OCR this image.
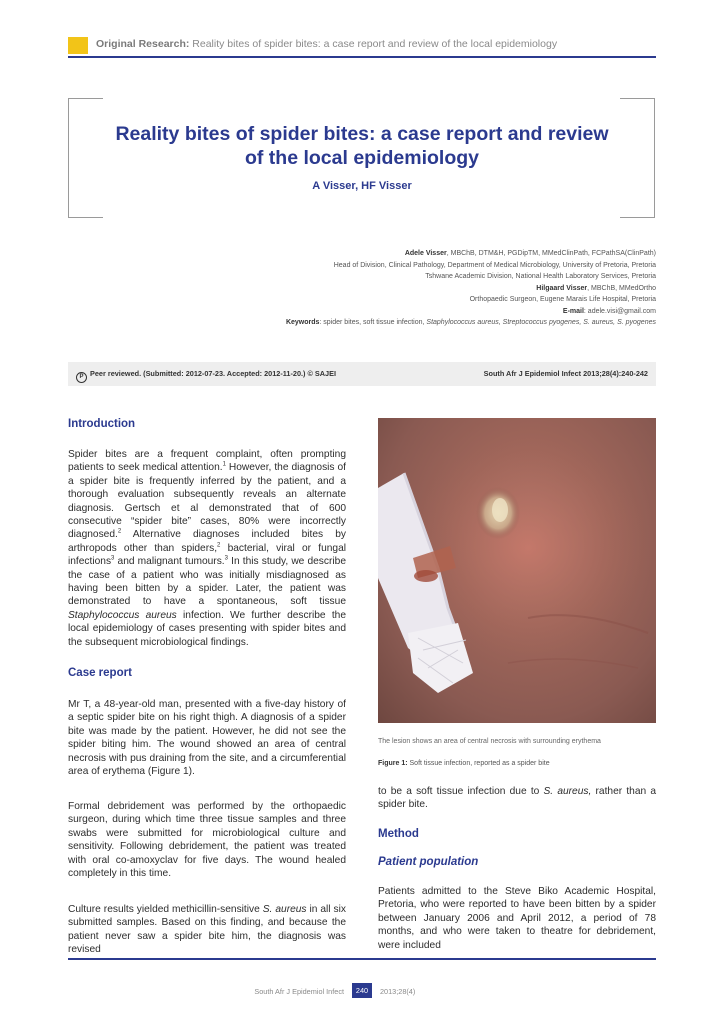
Original Research: Reality bites of spider bites: a case report and review of the local epidemiology
Reality bites of spider bites: a case report and review of the local epidemiology
A Visser, HF Visser
Adele Visser, MBChB, DTM&H, PGDipTM, MMedClinPath, FCPathSA(ClinPath)
Head of Division, Clinical Pathology, Department of Medical Microbiology, University of Pretoria, Pretoria
Tshwane Academic Division, National Health Laboratory Services, Pretoria
Hilgaard Visser, MBChB, MMedOrtho
Orthopaedic Surgeon, Eugene Marais Life Hospital, Pretoria
E-mail: adele.visi@gmail.com
Keywords: spider bites, soft tissue infection, Staphylococcus aureus, Streptococcus pyogenes, S. aureus, S. pyogenes
P Peer reviewed. (Submitted: 2012-07-23. Accepted: 2012-11-20.) © SAJEI	South Afr J Epidemiol Infect 2013;28(4):240-242
Introduction

Spider bites are a frequent complaint, often prompting patients to seek medical attention.$^1$ However, the diagnosis of a spider bite is frequently inferred by the patient, and a thorough evaluation subsequently reveals an alternate diagnosis. Gertsch et al demonstrated that of 600 consecutive “spider bite” cases, 80% were incorrectly diagnosed.$^2$ Alternative diagnoses included bites by arthropods other than spiders,$^2$ bacterial, viral or fungal infections$^3$ and malignant tumours.$^3$ In this study, we describe the case of a patient who was initially misdiagnosed as having been bitten by a spider. Later, the patient was demonstrated to have a spontaneous, soft tissue Staphylococcus aureus infection. We further describe the local epidemiology of cases presenting with spider bites and the subsequent microbiological findings.

Case report

Mr T, a 48-year-old man, presented with a five-day history of a septic spider bite on his right thigh. A diagnosis of a spider bite was made by the patient. However, he did not see the spider biting him. The wound showed an area of central necrosis with pus draining from the site, and a circumferential area of erythema (Figure 1).

Formal debridement was performed by the orthopaedic surgeon, during which time three tissue samples and three swabs were submitted for microbiological culture and sensitivity. Following debridement, the patient was treated with oral co-amoxyclav for five days. The wound healed completely in this time.

Culture results yielded methicillin-sensitive S. aureus in all six submitted samples. Based on this finding, and because the patient never saw a spider bite him, the diagnosis was revised

The lesion shows an area of central necrosis with surrounding erythema
Figure 1: Soft tissue infection, reported as a spider bite

to be a soft tissue infection due to S. aureus, rather than a spider bite.

Method
Patient population

Patients admitted to the Steve Biko Academic Hospital, Pretoria, who were reported to have been bitten by a spider between January 2006 and April 2012, a period of 78 months, and who were taken to theatre for debridement, were included

South Afr J Epidemiol Infect	240	2013;28(4)
